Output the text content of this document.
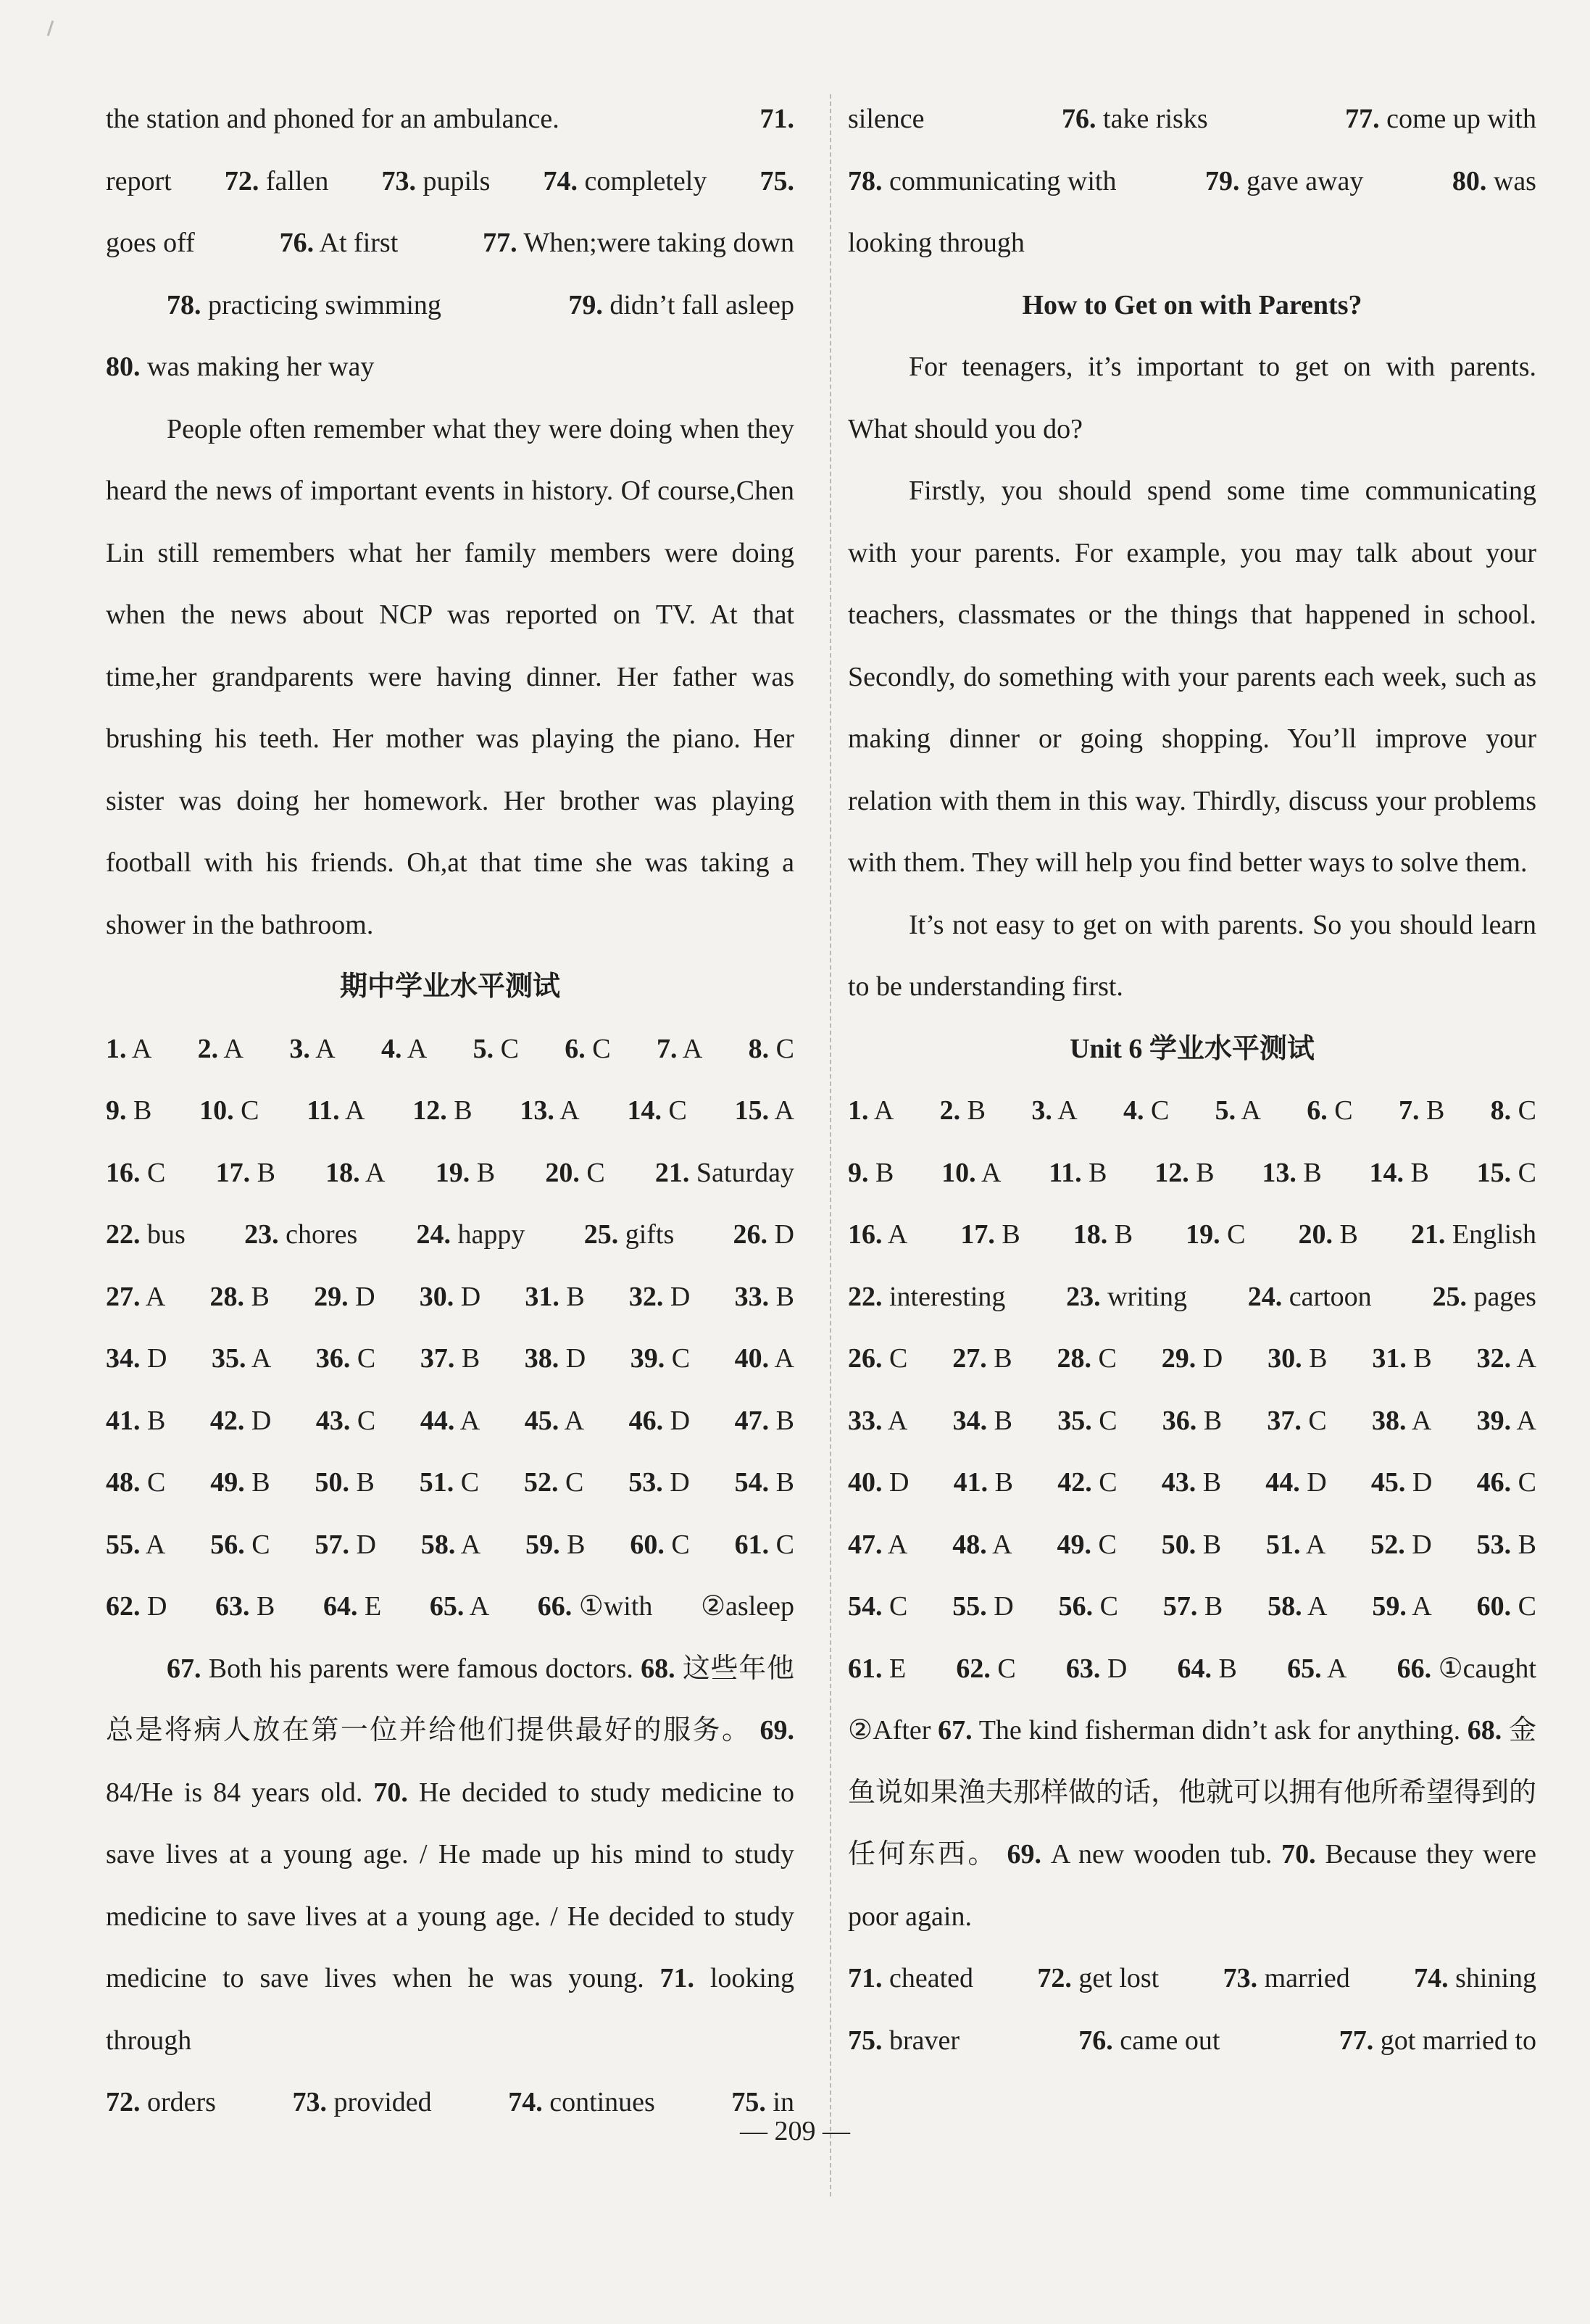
the station and phoned for an ambulance.	71.
report 72. fallen 73. pupils 74. completely 75.
goes off	76. At first	77. When;were taking down
78. practicing swimming	79. didn’t fall asleep
80. was making her way
People often remember what they were doing when they heard the news of important events in history. Of course,Chen Lin still remembers what her family members were doing when the news about NCP was reported on TV. At that time,her grandparents were having dinner. Her father was brushing his teeth. Her mother was playing the piano. Her sister was doing her homework. Her brother was playing football with his friends. Oh,at that time she was taking a shower in the bathroom.
期中学业水平测试
1. A 2. A 3. A 4. A 5. C 6. C 7. A 8. C
9. B 10. C 11. A 12. B 13. A 14. C 15. A
16. C 17. B 18. A 19. B 20. C 21. Saturday
22. bus 23. chores 24. happy 25. gifts 26. D
27. A 28. B 29. D 30. D 31. B 32. D 33. B
34. D 35. A 36. C 37. B 38. D 39. C 40. A
41. B 42. D 43. C 44. A 45. A 46. D 47. B
48. C 49. B 50. B 51. C 52. C 53. D 54. B
55. A 56. C 57. D 58. A 59. B 60. C 61. C
62. D 63. B 64. E 65. A 66. ①with ②asleep
67. Both his parents were famous doctors. 68. 这些年他总是将病人放在第一位并给他们提供最好的服务。 69. 84/He is 84 years old. 70. He decided to study medicine to save lives at a young age. / He made up his mind to study medicine to save lives at a young age. / He decided to study medicine to save lives when he was young. 71. looking through
72. orders	73. provided	74. continues	75. in
silence	76. take risks	77. come up with
78. communicating with	79. gave away	80. was
looking through
How to Get on with Parents?
For teenagers, it’s important to get on with parents. What should you do?
Firstly, you should spend some time communicating with your parents. For example, you may talk about your teachers, classmates or the things that happened in school. Secondly, do something with your parents each week, such as making dinner or going shopping. You’ll improve your relation with them in this way. Thirdly, discuss your problems with them. They will help you find better ways to solve them.
It’s not easy to get on with parents. So you should learn to be understanding first.
Unit 6 学业水平测试
1. A 2. B 3. A 4. C 5. A 6. C 7. B 8. C
9. B 10. A 11. B 12. B 13. B 14. B 15. C
16. A 17. B 18. B 19. C 20. B 21. English
22. interesting 23. writing 24. cartoon 25. pages
26. C 27. B 28. C 29. D 30. B 31. B 32. A
33. A 34. B 35. C 36. B 37. C 38. A 39. A
40. D 41. B 42. C 43. B 44. D 45. D 46. C
47. A 48. A 49. C 50. B 51. A 52. D 53. B
54. C 55. D 56. C 57. B 58. A 59. A 60. C
61. E 62. C 63. D 64. B 65. A 66. ①caught
②After 67. The kind fisherman didn’t ask for anything. 68. 金鱼说如果渔夫那样做的话，他就可以拥有他所希望得到的任何东西。 69. A new wooden tub. 70. Because they were poor again.
71. cheated 72. get lost 73. married 74. shining
75. braver	76. came out	77. got married to
— 209 —
